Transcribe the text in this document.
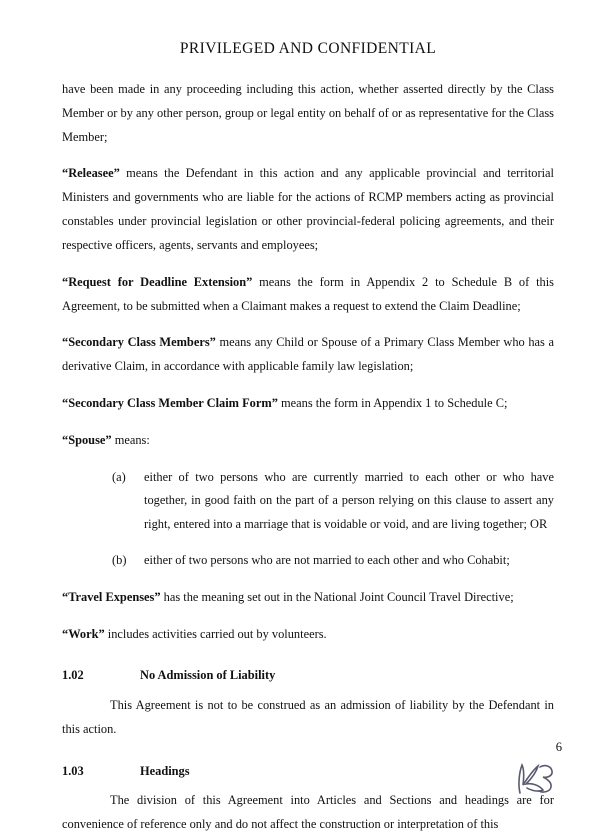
PRIVILEGED AND CONFIDENTIAL

have been made in any proceeding including this action, whether asserted directly by the Class Member or by any other person, group or legal entity on behalf of or as representative for the Class Member;

“Releasee” means the Defendant in this action and any applicable provincial and territorial Ministers and governments who are liable for the actions of RCMP members acting as provincial constables under provincial legislation or other provincial-federal policing agreements, and their respective officers, agents, servants and employees;

“Request for Deadline Extension” means the form in Appendix 2 to Schedule B of this Agreement, to be submitted when a Claimant makes a request to extend the Claim Deadline;

“Secondary Class Members” means any Child or Spouse of a Primary Class Member who has a derivative Claim, in accordance with applicable family law legislation;

“Secondary Class Member Claim Form” means the form in Appendix 1 to Schedule C;

“Spouse” means:

(a)	either of two persons who are currently married to each other or who have together, in good faith on the part of a person relying on this clause to assert any right, entered into a marriage that is voidable or void, and are living together; OR
(b)	either of two persons who are not married to each other and who Cohabit;

“Travel Expenses” has the meaning set out in the National Joint Council Travel Directive;

“Work” includes activities carried out by volunteers.

1.02	No Admission of Liability

This Agreement is not to be construed as an admission of liability by the Defendant in this action.

1.03	Headings

The division of this Agreement into Articles and Sections and headings are for convenience of reference only and do not affect the construction or interpretation of this

6
